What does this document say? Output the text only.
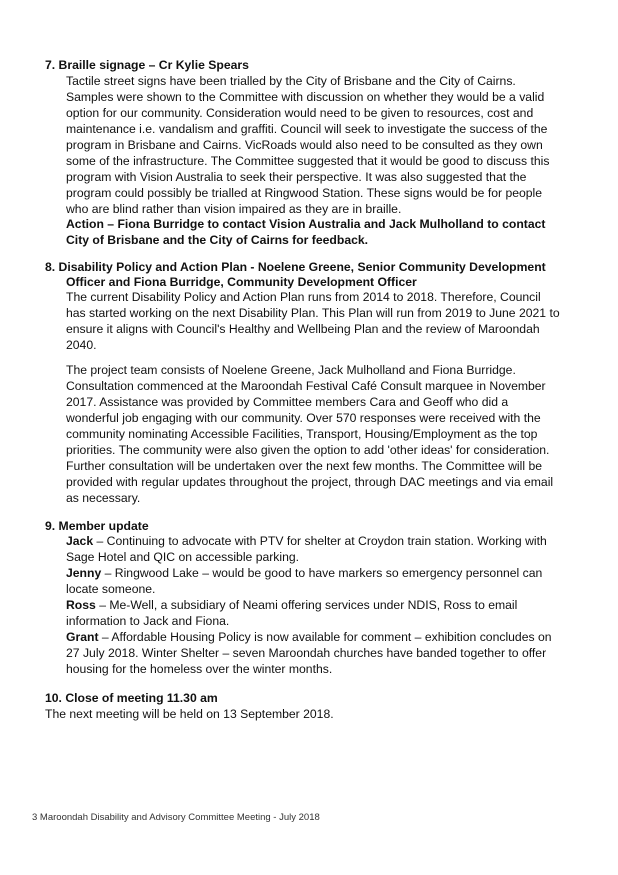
7. Braille signage – Cr Kylie Spears
Tactile street signs have been trialled by the City of Brisbane and the City of Cairns.
Samples were shown to the Committee with discussion on whether they would be a valid
option for our community. Consideration would need to be given to resources, cost and
maintenance i.e. vandalism and graffiti. Council will seek to investigate the success of the
program in Brisbane and Cairns. VicRoads would also need to be consulted as they own
some of the infrastructure. The Committee suggested that it would be good to discuss this
program with Vision Australia to seek their perspective. It was also suggested that the
program could possibly be trialled at Ringwood Station. These signs would be for people
who are blind rather than vision impaired as they are in braille.
Action – Fiona Burridge to contact Vision Australia and Jack Mulholland to contact
City of Brisbane and the City of Cairns for feedback.
8. Disability Policy and Action Plan - Noelene Greene, Senior Community Development
Officer and Fiona Burridge, Community Development Officer
The current Disability Policy and Action Plan runs from 2014 to 2018. Therefore, Council
has started working on the next Disability Plan. This Plan will run from 2019 to June 2021 to
ensure it aligns with Council's Healthy and Wellbeing Plan and the review of Maroondah
2040.
The project team consists of Noelene Greene, Jack Mulholland and Fiona Burridge.
Consultation commenced at the Maroondah Festival Café Consult marquee in November
2017. Assistance was provided by Committee members Cara and Geoff who did a
wonderful job engaging with our community. Over 570 responses were received with the
community nominating Accessible Facilities, Transport, Housing/Employment as the top
priorities. The community were also given the option to add 'other ideas' for consideration.
Further consultation will be undertaken over the next few months. The Committee will be
provided with regular updates throughout the project, through DAC meetings and via email
as necessary.
9. Member update
Jack – Continuing to advocate with PTV for shelter at Croydon train station. Working with
Sage Hotel and QIC on accessible parking.
Jenny – Ringwood Lake – would be good to have markers so emergency personnel can
locate someone.
Ross – Me-Well, a subsidiary of Neami offering services under NDIS, Ross to email
information to Jack and Fiona.
Grant – Affordable Housing Policy is now available for comment – exhibition concludes on
27 July 2018. Winter Shelter – seven Maroondah churches have banded together to offer
housing for the homeless over the winter months.
10. Close of meeting 11.30 am
The next meeting will be held on 13 September 2018.
3 Maroondah Disability and Advisory Committee Meeting - July 2018
